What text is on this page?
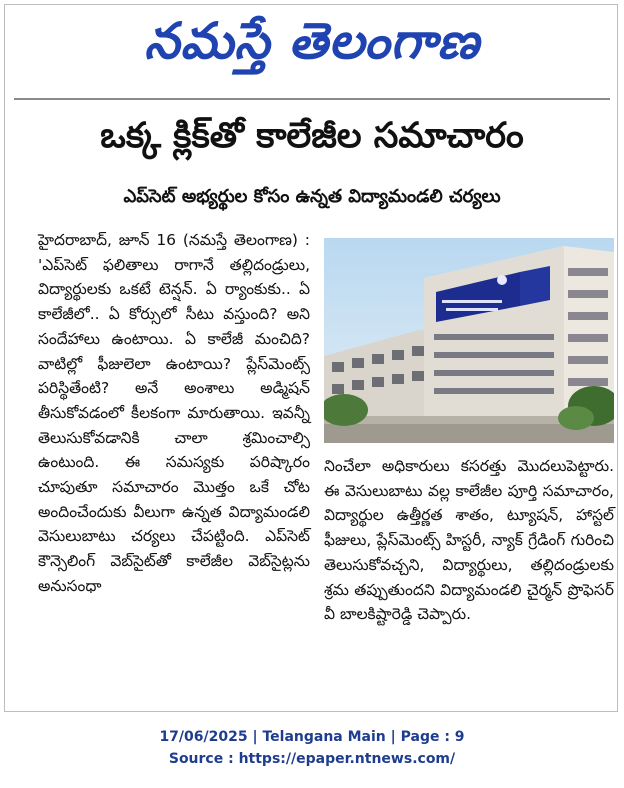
నమస్తే తెలంగాణ
ఒక్క క్లిక్‌తో కాలేజీల సమాచారం
ఎప్‌సెట్ అభ్యర్థుల కోసం ఉన్నత విద్యామండలి చర్యలు

హైదరాబాద్, జూన్ 16 (నమస్తే తెలంగాణ) : 'ఎప్‌సెట్ ఫలితాలు రాగానే తల్లిదండ్రులు, విద్యార్థులకు ఒకటే టెన్షన్. ఏ ర్యాంకుకు.. ఏ కాలేజీలో.. ఏ కోర్సులో సీటు వస్తుంది? అని సందేహాలు ఉంటాయి. ఏ కాలేజీ మంచిది? వాటిల్లో ఫీజులెలా ఉంటాయి? ప్లేస్‌మెంట్స్ పరిస్థితేంటి? అనే అంశాలు అడ్మిషన్ తీసుకోవడంలో కీలకంగా మారుతాయి. ఇవన్నీ తెలుసుకోవడానికి చాలా శ్రమించాల్సి ఉంటుంది. ఈ సమస్యకు పరిష్కారం చూపుతూ సమాచారం మొత్తం ఒకే చోట అందించేందుకు వీలుగా ఉన్నత విద్యామండలి వెసులుబాటు చర్యలు చేపట్టింది. ఎప్‌సెట్ కౌన్సెలింగ్ వెబ్‌సైట్‌తో కాలేజీల వెబ్‌సైట్లను అనుసంధా

నించేలా అధికారులు కసరత్తు మొదలుపెట్టారు. ఈ వెసులుబాటు వల్ల కాలేజీల పూర్తి సమాచారం, విద్యార్థుల ఉత్తీర్ణత శాతం, ట్యూషన్, హాస్టల్ ఫీజులు, ప్లేస్‌మెంట్స్ హిస్టరీ, న్యాక్ గ్రేడింగ్ గురించి తెలుసుకోవచ్చని, విద్యార్థులు, తల్లిదండ్రులకు శ్రమ తప్పుతుందని విద్యామండలి చైర్మన్ ప్రొఫెసర్ వీ బాలకిష్టారెడ్డి చెప్పారు.

17/06/2025 | Telangana Main | Page : 9
Source : https://epaper.ntnews.com/
